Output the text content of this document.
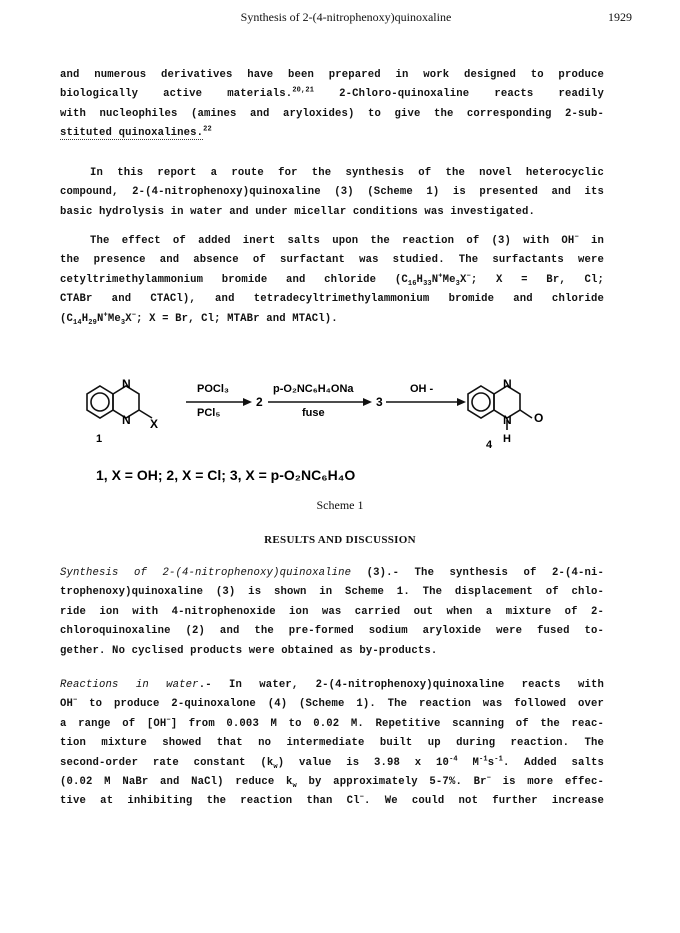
Synthesis of 2-(4-nitrophenoxy)quinoxaline	1929
and numerous derivatives have been prepared in work designed to produce
biologically active materials.$^{20,21}$ 2-Chloro-quinoxaline reacts readily
with nucleophiles (amines and aryloxides) to give the corresponding 2-sub-
stituted quinoxalines.$^{22}$
In this report a route for the synthesis of the novel heterocyclic
compound, 2-(4-nitrophenoxy)quinoxaline (3) (Scheme 1) is presented and its
basic hydrolysis in water and under micellar conditions was investigated.
The effect of added inert salts upon the reaction of (3) with OH− in
the presence and absence of surfactant was studied. The surfactants were
cetyltrimethylammonium bromide and chloride ($C_{16}H_{33}N^+Me_3X^-$; X = Br, Cl;
CTABr and CTACl), and tetradecyltrimethylammonium bromide and chloride
($C_{14}H_{29}N^+Me_3X^-$; X = Br, Cl; MTABr and MTACl).
N
N X
N
N O
H
POCl₃
PCl₅
2
p-O₂NC₆H₄ONa
fuse
3
OH -
1	4
1, X = OH; 2, X = Cl; 3, X = p-O₂NC₆H₄O
Scheme 1
RESULTS AND DISCUSSION
Synthesis of 2-(4-nitrophenoxy)quinoxaline (3).- The synthesis of 2-(4-ni-
trophenoxy)quinoxaline (3) is shown in Scheme 1. The displacement of chlo-
ride ion with 4-nitrophenoxide ion was carried out when a mixture of 2-
chloroquinoxaline (2) and the pre-formed sodium aryloxide were fused to-
gether. No cyclised products were obtained as by-products.
Reactions in water.- In water, 2-(4-nitrophenoxy)quinoxaline reacts with
OH− to produce 2-quinoxalone (4) (Scheme 1). The reaction was followed over
a range of [OH−] from 0.003 M to 0.02 M. Repetitive scanning of the reac-
tion mixture showed that no intermediate built up during reaction. The
second-order rate constant $(k_w)$ value is 3.98 x $10^{-4}$ $M^{-1}s^{-1}$. Added salts
(0.02 M NaBr and NaCl) reduce $k_w$ by approximately 5-7%. Br− is more effec-
tive at inhibiting the reaction than Cl−. We could not further increase
